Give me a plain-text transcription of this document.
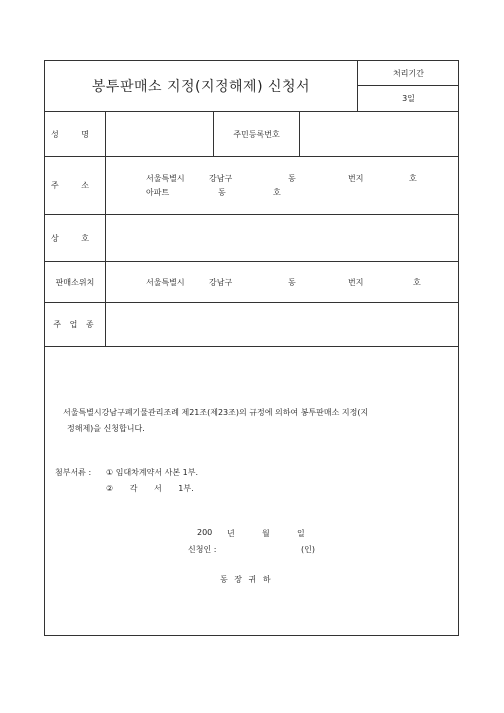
봉투판매소 지정(지정해제) 신청서
처리기간
3일
성 명	주민등록번호
주 소
서울특별시	강남구	동	번지	호
아파트	동	호
상 호
판매소위치	서울특별시	강남구	동	번지	호
주 업 종
서울특별시강남구폐기물관리조례 제21조(제23조)의 규정에 의하여 봉투판매소 지정(지
정해제)을 신청합니다.
첨부서류 : ① 임대차계약서 사본 1부.
② 각 서 1부.
200 년	월	일
신청인 :	(인)
동 장 귀 하
